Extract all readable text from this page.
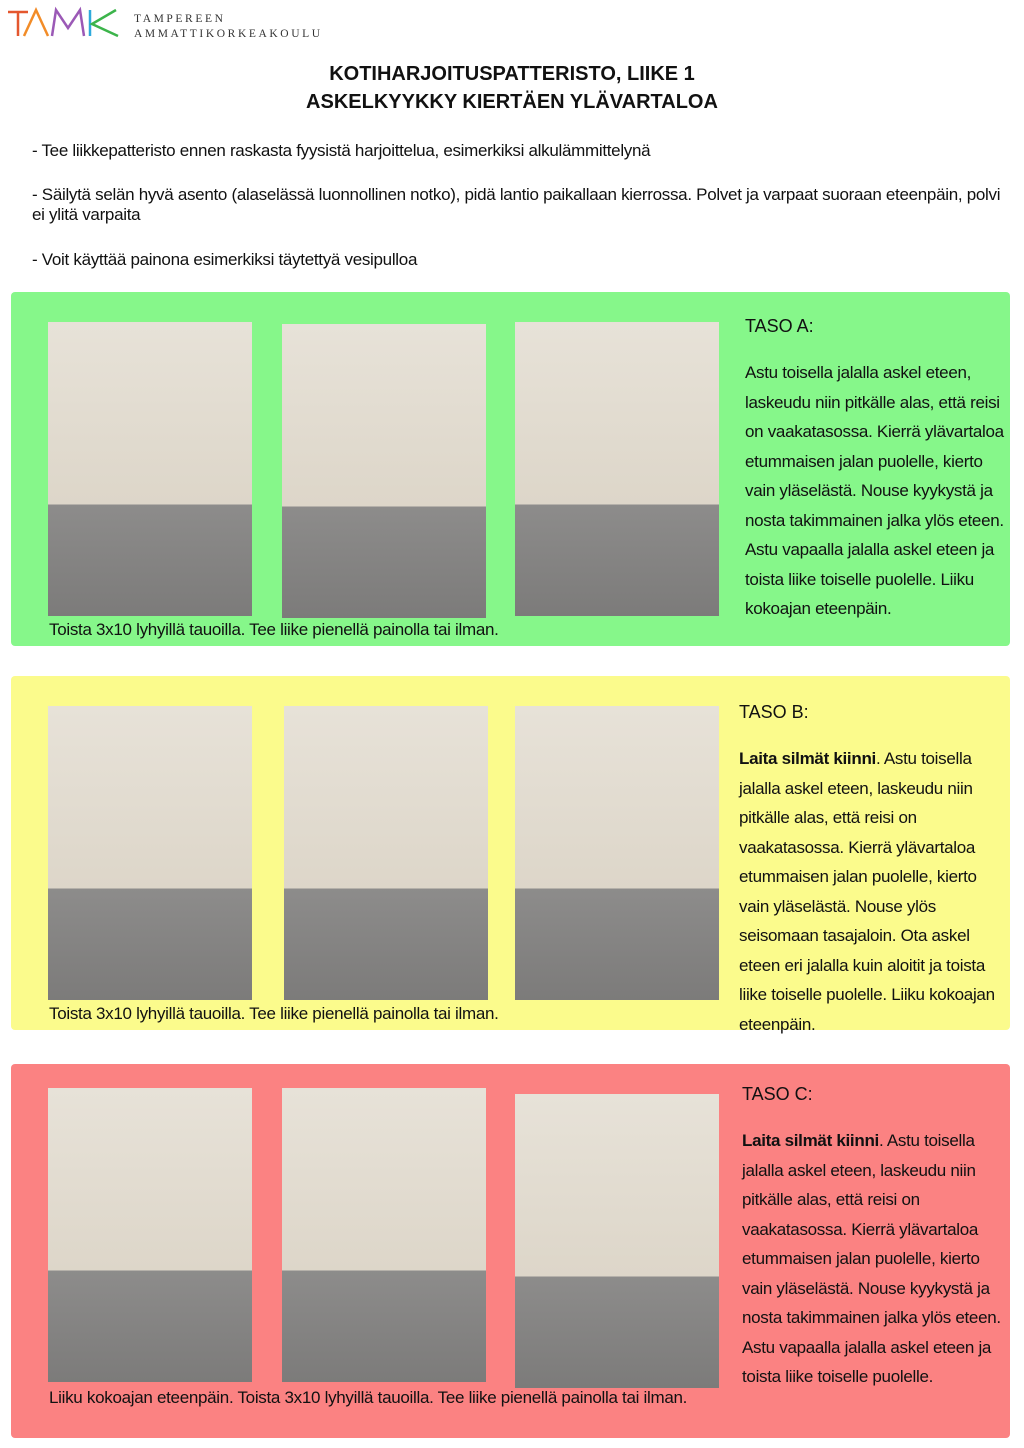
TAMPEREEN
AMMATTIKORKEAKOULU
KOTIHARJOITUSPATTERISTO, LIIKE 1
ASKELKYYKKY KIERTÄEN YLÄVARTALOA
- Tee liikkepatteristo ennen raskasta fyysistä harjoittelua, esimerkiksi alkulämmittelynä
- Säilytä selän hyvä asento (alaselässä luonnollinen notko), pidä lantio paikallaan kierrossa. Polvet ja varpaat suoraan eteenpäin, polvi ei ylitä varpaita
- Voit käyttää painona esimerkiksi täytettyä vesipulloa
Toista 3x10 lyhyillä tauoilla. Tee liike pienellä painolla tai ilman.
TASO A:
Astu toisella jalalla askel eteen, laskeudu niin pitkälle alas, että reisi on vaakatasossa. Kierrä ylävartaloa etummaisen jalan puolelle, kierto vain yläselästä. Nouse kyykystä ja nosta takimmainen jalka ylös eteen. Astu vapaalla jalalla askel eteen ja toista liike toiselle puolelle. Liiku kokoajan eteenpäin.
Toista 3x10 lyhyillä tauoilla. Tee liike pienellä painolla tai ilman.
TASO B:
Laita silmät kiinni. Astu toisella jalalla askel eteen, laskeudu niin pitkälle alas, että reisi on vaakatasossa. Kierrä ylävartaloa etummaisen jalan puolelle, kierto vain yläselästä. Nouse ylös seisomaan tasajaloin. Ota askel eteen eri jalalla kuin aloitit ja toista liike toiselle puolelle. Liiku kokoajan eteenpäin.
Liiku kokoajan eteenpäin. Toista 3x10 lyhyillä tauoilla. Tee liike pienellä painolla tai ilman.
TASO C:
Laita silmät kiinni. Astu toisella jalalla askel eteen, laskeudu niin pitkälle alas, että reisi on vaakatasossa. Kierrä ylävartaloa etummaisen jalan puolelle, kierto vain yläselästä. Nouse kyykystä ja nosta takimmainen jalka ylös eteen. Astu vapaalla jalalla askel eteen ja toista liike toiselle puolelle.
